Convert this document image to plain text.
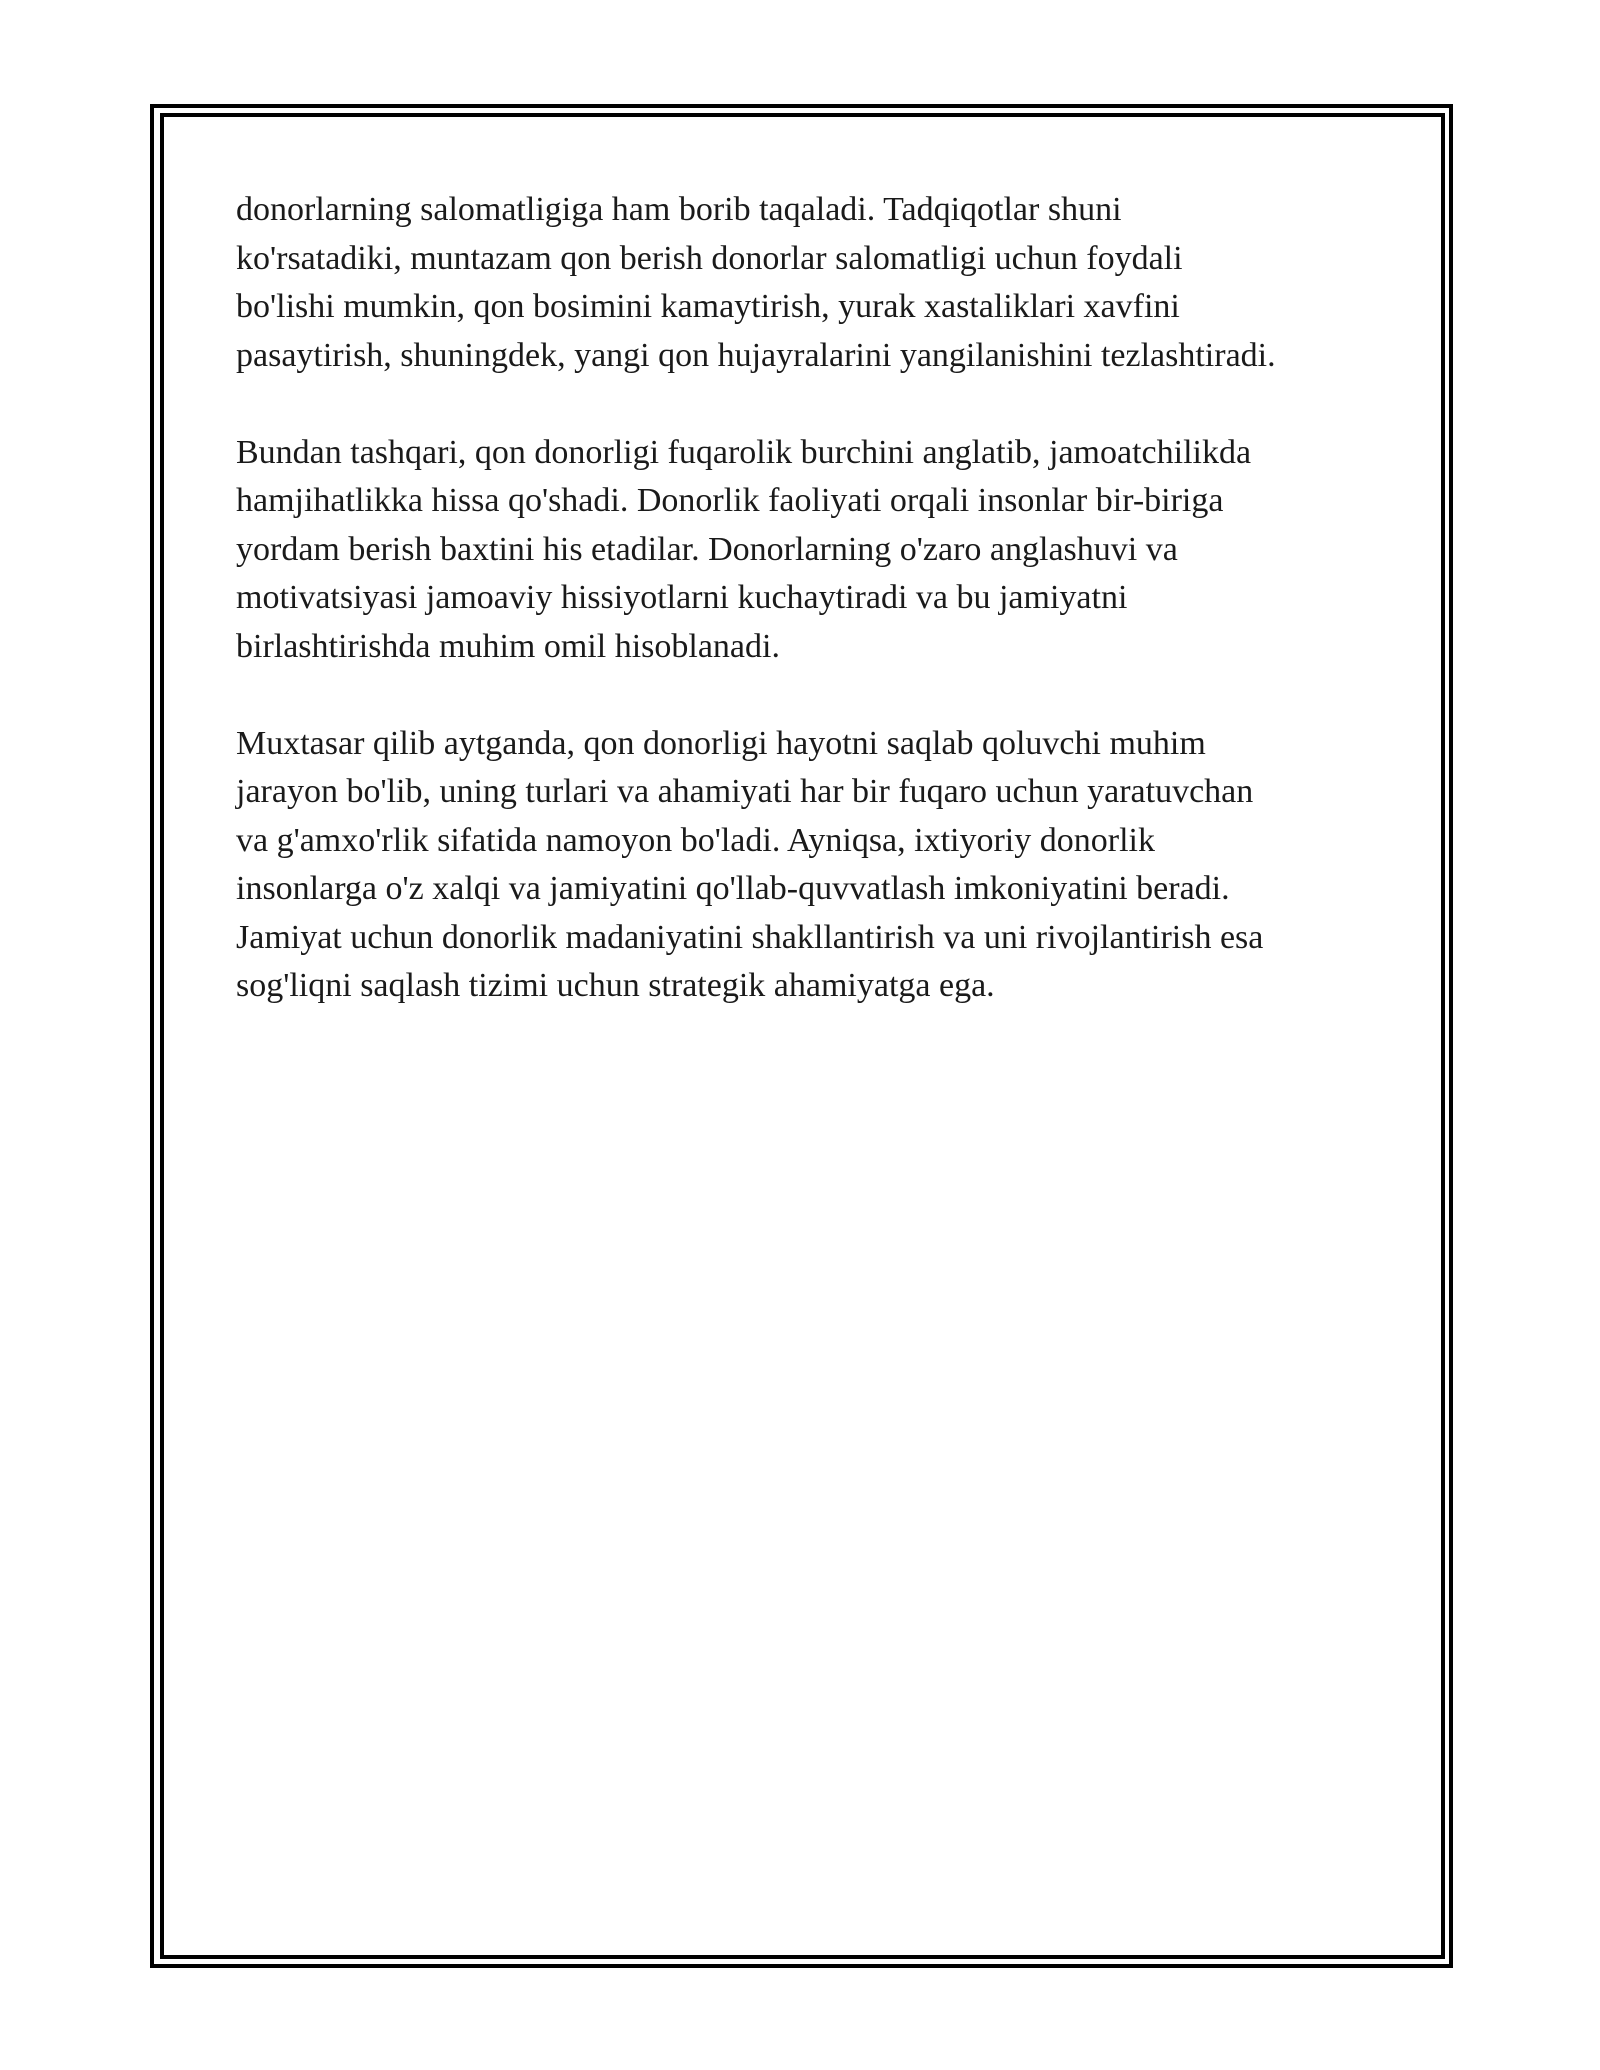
donorlarning salomatligiga ham borib taqaladi. Tadqiqotlar shuni
ko'rsatadiki, muntazam qon berish donorlar salomatligi uchun foydali
bo'lishi mumkin, qon bosimini kamaytirish, yurak xastaliklari xavfini
pasaytirish, shuningdek, yangi qon hujayralarini yangilanishini tezlashtiradi.

Bundan tashqari, qon donorligi fuqarolik burchini anglatib, jamoatchilikda
hamjihatlikka hissa qo'shadi. Donorlik faoliyati orqali insonlar bir-biriga
yordam berish baxtini his etadilar. Donorlarning o'zaro anglashuvi va
motivatsiyasi jamoaviy hissiyotlarni kuchaytiradi va bu jamiyatni
birlashtirishda muhim omil hisoblanadi.

Muxtasar qilib aytganda, qon donorligi hayotni saqlab qoluvchi muhim
jarayon bo'lib, uning turlari va ahamiyati har bir fuqaro uchun yaratuvchan
va g'amxo'rlik sifatida namoyon bo'ladi. Ayniqsa, ixtiyoriy donorlik
insonlarga o'z xalqi va jamiyatini qo'llab-quvvatlash imkoniyatini beradi.
Jamiyat uchun donorlik madaniyatini shakllantirish va uni rivojlantirish esa
sog'liqni saqlash tizimi uchun strategik ahamiyatga ega.
